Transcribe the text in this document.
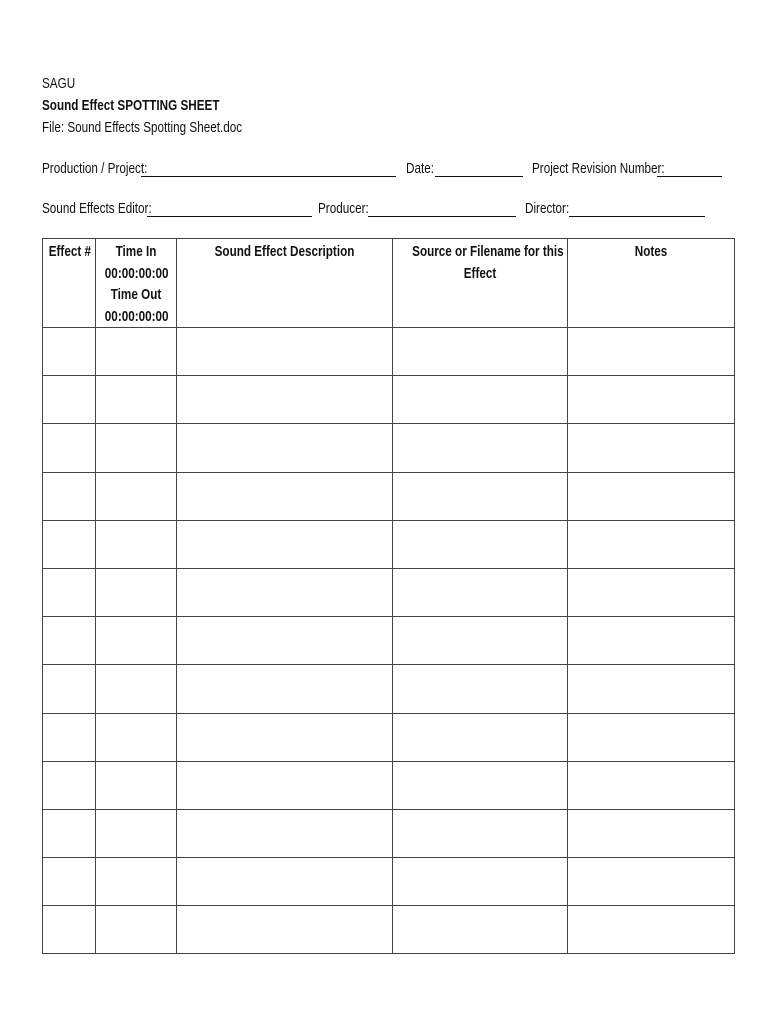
SAGU
Sound Effect SPOTTING SHEET
File: Sound Effects Spotting Sheet.doc
Production / Project:	Date:	Project Revision Number:
Sound Effects Editor:	Producer:	Director:
Effect #	Time In
00:00:00:00
Time Out
00:00:00:00	Sound Effect Description	Source or Filename for this
Effect	Notes
